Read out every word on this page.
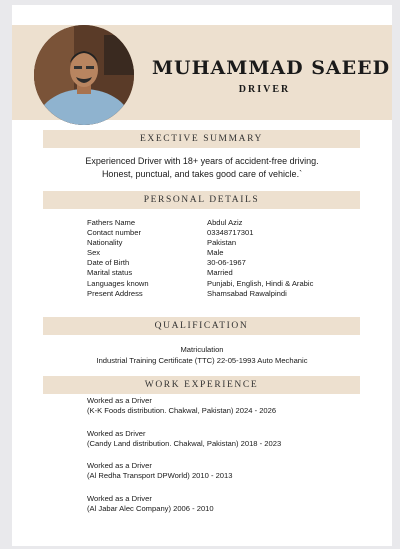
MUHAMMAD SAEED
DRIVER
EXECTIVE SUMMARY
Experienced Driver with 18+ years of accident-free driving.
Honest, punctual, and takes good care of vehicle.`
PERSONAL DETAILS
Fathers Name	Abdul Aziz
Contact number	03348717301
Nationality	Pakistan
Sex	Male
Date of Birth	30-06-1967
Marital status	Married
Languages known	Punjabi, English, Hindi & Arabic
Present Address	Shamsabad Rawalpindi
QUALIFICATION
Matriculation
Industrial Training Certificate (TTC) 22-05-1993 Auto Mechanic
WORK EXPERIENCE
Worked as a Driver
(K-K Foods distribution. Chakwal, Pakistan) 2024 - 2026
Worked as Driver
(Candy Land distribution. Chakwal, Pakistan) 2018 - 2023
Worked as a Driver
(Al Redha Transport DPWorld) 2010 - 2013
Worked as a Driver
(Al Jabar Alec Company) 2006 - 2010
